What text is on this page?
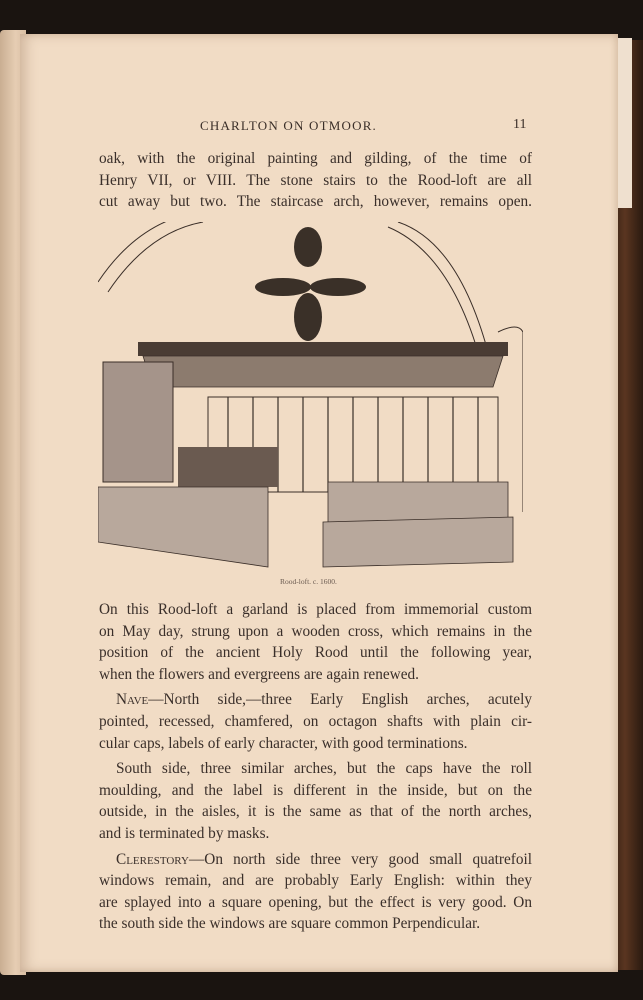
CHARLTON ON OTMOOR.	11
oak, with the original painting and gilding, of the time of
Henry VII, or VIII. The stone stairs to the Rood-loft are all
cut away but two. The staircase arch, however, remains open.
Rood-loft. c. 1600.
On this Rood-loft a garland is placed from immemorial custom
on May day, strung upon a wooden cross, which remains in the
position of the ancient Holy Rood until the following year,
when the flowers and evergreens are again renewed.
Nave—North side,—three Early English arches, acutely
pointed, recessed, chamfered, on octagon shafts with plain cir-
cular caps, labels of early character, with good terminations.
South side, three similar arches, but the caps have the roll
moulding, and the label is different in the inside, but on the
outside, in the aisles, it is the same as that of the north arches,
and is terminated by masks.
Clerestory—On north side three very good small quatrefoil
windows remain, and are probably Early English: within they
are splayed into a square opening, but the effect is very good. On
the south side the windows are square common Perpendicular.
